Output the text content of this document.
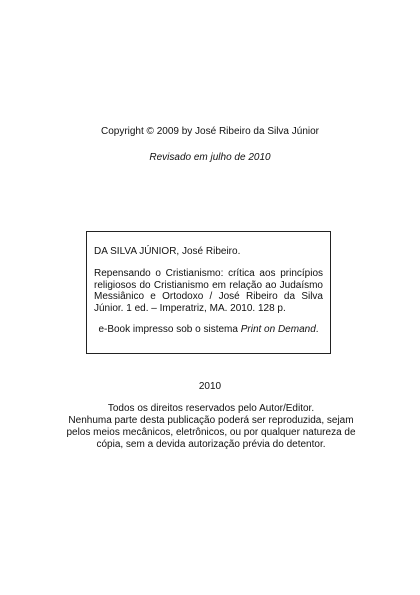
Copyright © 2009 by José Ribeiro da Silva Júnior
Revisado em julho de 2010

DA SILVA JÚNIOR, José Ribeiro.

Repensando o Cristianismo: crítica aos princípios religiosos do Cristianismo em relação ao Judaísmo Messiânico e Ortodoxo / José Ribeiro da Silva Júnior. 1 ed. – Imperatriz, MA. 2010. 128 p.

e-Book impresso sob o sistema Print on Demand.

2010
Todos os direitos reservados pelo Autor/Editor.
Nenhuma parte desta publicação poderá ser reproduzida, sejam pelos meios mecânicos, eletrônicos, ou por qualquer natureza de cópia, sem a devida autorização prévia do detentor.
